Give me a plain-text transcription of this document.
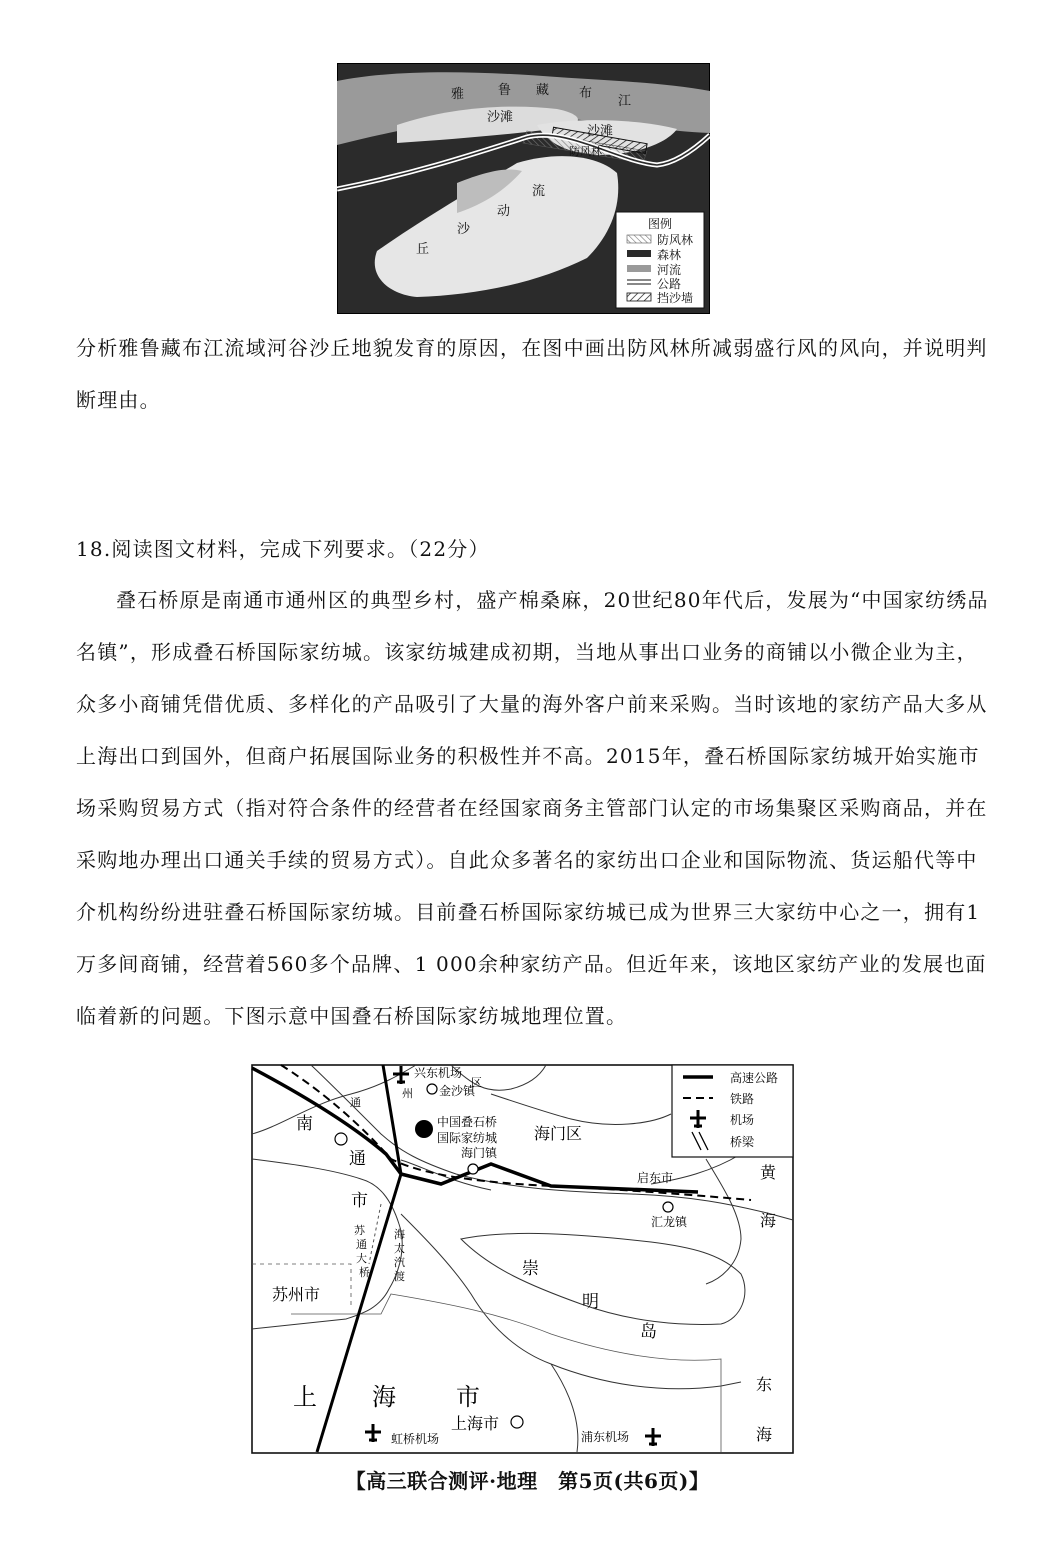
雅	鲁 藏 布
江
沙滩
沙滩
防风林
流
动
沙
丘
图例
防风林
森林
河流
公路
挡沙墙
分析雅鲁藏布江流域河谷沙丘地貌发育的原因，在图中画出防风林所减弱盛行风的风向，并说明判断理由。
18.阅读图文材料，完成下列要求。（22分）
叠石桥原是南通市通州区的典型乡村，盛产棉桑麻，20世纪80年代后，发展为“中国家纺绣品名镇”，形成叠石桥国际家纺城。该家纺城建成初期，当地从事出口业务的商铺以小微企业为主，众多小商铺凭借优质、多样化的产品吸引了大量的海外客户前来采购。当时该地的家纺产品大多从上海出口到国外，但商户拓展国际业务的积极性并不高。2015年，叠石桥国际家纺城开始实施市场采购贸易方式（指对符合条件的经营者在经国家商务主管部门认定的市场集聚区采购商品，并在采购地办理出口通关手续的贸易方式）。自此众多著名的家纺出口企业和国际物流、货运船代等中介机构纷纷进驻叠石桥国际家纺城。目前叠石桥国际家纺城已成为世界三大家纺中心之一，拥有1万多间商铺，经营着560多个品牌、1 000余种家纺产品。但近年来，该地区家纺产业的发展也面临着新的问题。下图示意中国叠石桥国际家纺城地理位置。
南
通
市
通
州
区
兴东机场
金沙镇
中国叠石桥
国际家纺城 海门区
海门镇
启东市
汇龙镇
黄
海
苏
通
大
桥
海
太
汽
渡
苏州市
崇
明
岛
上 海	市
上海市
虹桥机场	浦东机场
东
海
高速公路
铁路
机场
桥梁
【高三联合测评·地理　第5页(共6页)】
